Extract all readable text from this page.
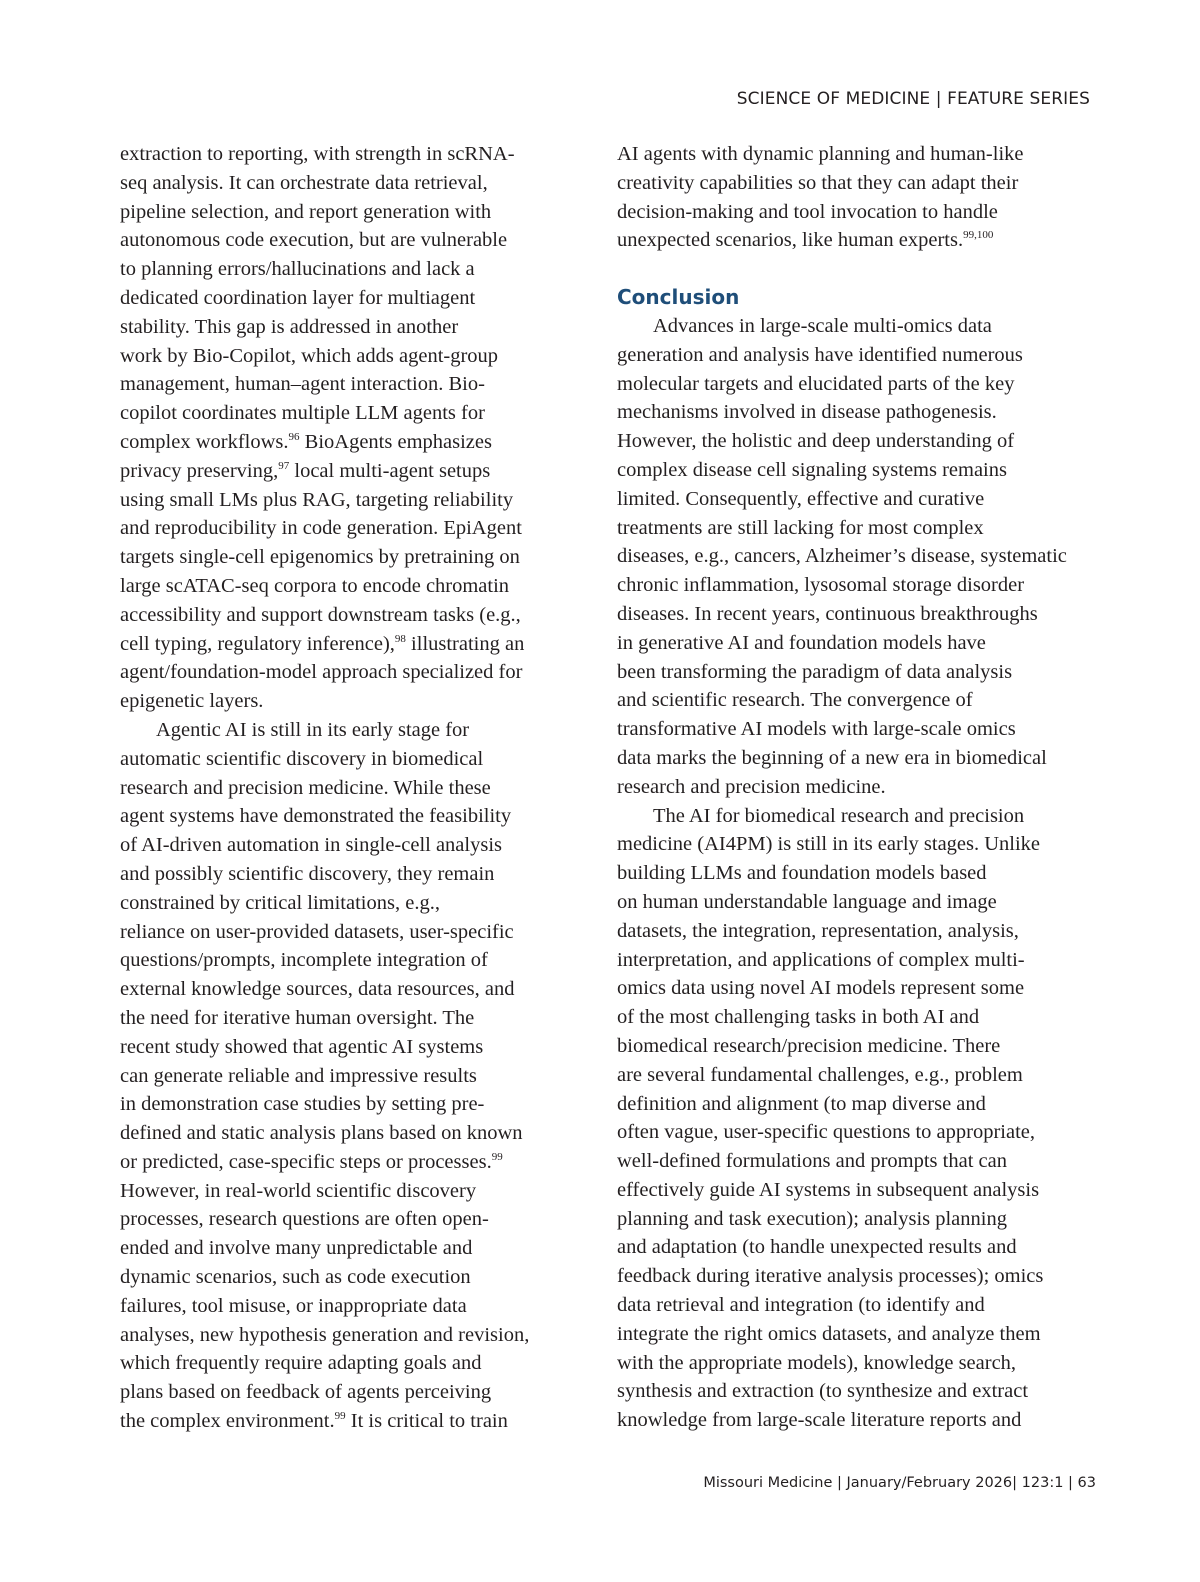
SCIENCE OF MEDICINE | FEATURE SERIES
extraction to reporting, with strength in scRNA-
seq analysis. It can orchestrate data retrieval,
pipeline selection, and report generation with
autonomous code execution, but are vulnerable
to planning errors/hallucinations and lack a
dedicated coordination layer for multiagent
stability. This gap is addressed in another
work by Bio-Copilot, which adds agent-group
management, human–agent interaction. Bio-
copilot coordinates multiple LLM agents for
complex workflows.$^{96}$ BioAgents emphasizes
privacy preserving,$^{97}$ local multi-agent setups
using small LMs plus RAG, targeting reliability
and reproducibility in code generation. EpiAgent
targets single-cell epigenomics by pretraining on
large scATAC-seq corpora to encode chromatin
accessibility and support downstream tasks (e.g.,
cell typing, regulatory inference),$^{98}$ illustrating an
agent/foundation-model approach specialized for
epigenetic layers.
Agentic AI is still in its early stage for
automatic scientific discovery in biomedical
research and precision medicine. While these
agent systems have demonstrated the feasibility
of AI-driven automation in single-cell analysis
and possibly scientific discovery, they remain
constrained by critical limitations, e.g.,
reliance on user-provided datasets, user-specific
questions/prompts, incomplete integration of
external knowledge sources, data resources, and
the need for iterative human oversight. The
recent study showed that agentic AI systems
can generate reliable and impressive results
in demonstration case studies by setting pre-
defined and static analysis plans based on known
or predicted, case-specific steps or processes.$^{99}$
However, in real-world scientific discovery
processes, research questions are often open-
ended and involve many unpredictable and
dynamic scenarios, such as code execution
failures, tool misuse, or inappropriate data
analyses, new hypothesis generation and revision,
which frequently require adapting goals and
plans based on feedback of agents perceiving
the complex environment.$^{99}$ It is critical to train
AI agents with dynamic planning and human-like
creativity capabilities so that they can adapt their
decision-making and tool invocation to handle
unexpected scenarios, like human experts.$^{99,100}$
Conclusion
Advances in large-scale multi-omics data
generation and analysis have identified numerous
molecular targets and elucidated parts of the key
mechanisms involved in disease pathogenesis.
However, the holistic and deep understanding of
complex disease cell signaling systems remains
limited. Consequently, effective and curative
treatments are still lacking for most complex
diseases, e.g., cancers, Alzheimer’s disease, systematic
chronic inflammation, lysosomal storage disorder
diseases. In recent years, continuous breakthroughs
in generative AI and foundation models have
been transforming the paradigm of data analysis
and scientific research. The convergence of
transformative AI models with large-scale omics
data marks the beginning of a new era in biomedical
research and precision medicine.
The AI for biomedical research and precision
medicine (AI4PM) is still in its early stages. Unlike
building LLMs and foundation models based
on human understandable language and image
datasets, the integration, representation, analysis,
interpretation, and applications of complex multi-
omics data using novel AI models represent some
of the most challenging tasks in both AI and
biomedical research/precision medicine. There
are several fundamental challenges, e.g., problem
definition and alignment (to map diverse and
often vague, user-specific questions to appropriate,
well-defined formulations and prompts that can
effectively guide AI systems in subsequent analysis
planning and task execution); analysis planning
and adaptation (to handle unexpected results and
feedback during iterative analysis processes); omics
data retrieval and integration (to identify and
integrate the right omics datasets, and analyze them
with the appropriate models), knowledge search,
synthesis and extraction (to synthesize and extract
knowledge from large-scale literature reports and
Missouri Medicine | January/February 2026| 123:1 | 63
